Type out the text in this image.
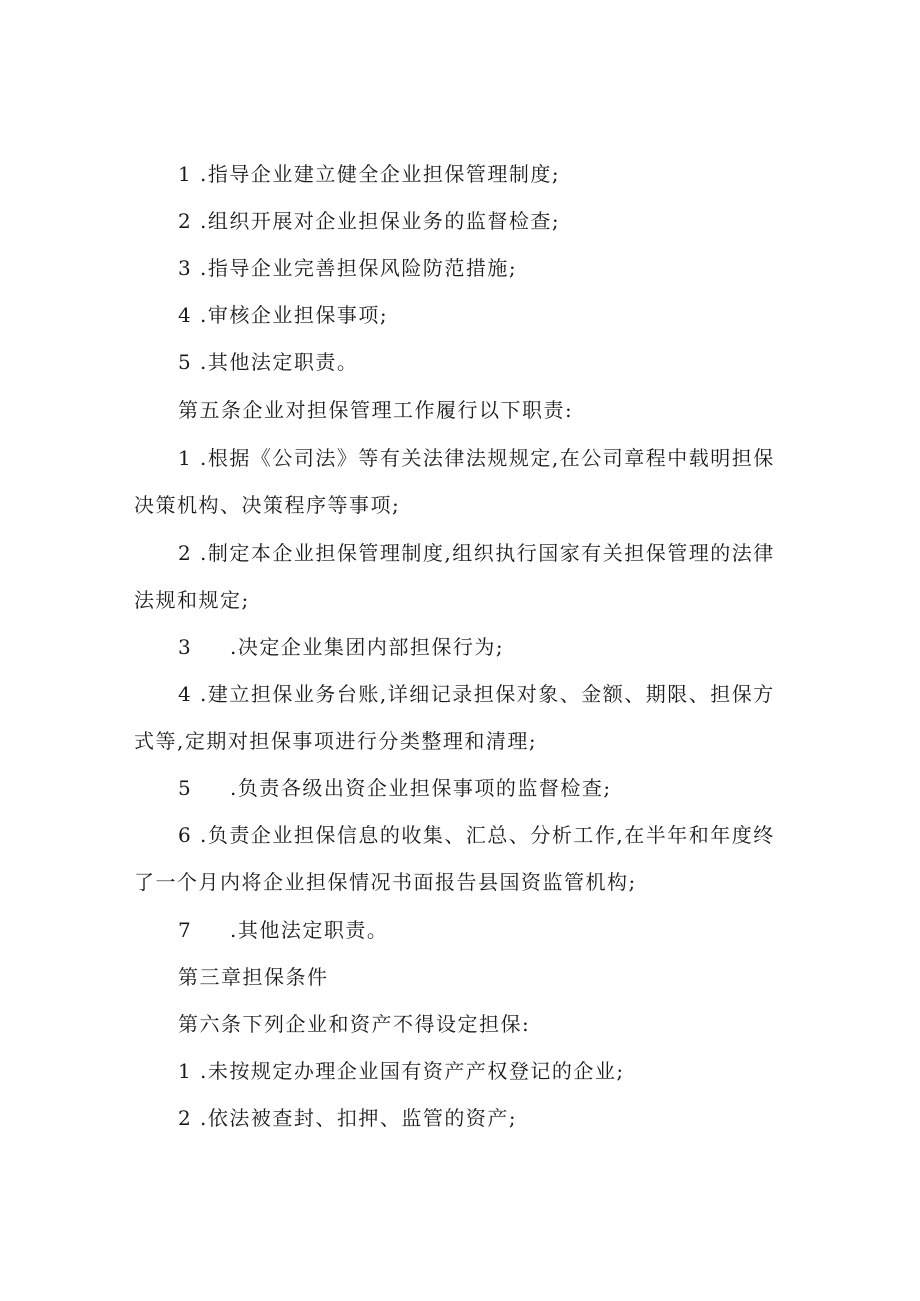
1 .指导企业建立健全企业担保管理制度;
2 .组织开展对企业担保业务的监督检查;
3 .指导企业完善担保风险防范措施;
4 .审核企业担保事项;
5 .其他法定职责。
第五条企业对担保管理工作履行以下职责:
1 .根据《公司法》等有关法律法规规定,在公司章程中载明担保
决策机构、决策程序等事项;
2 .制定本企业担保管理制度,组织执行国家有关担保管理的法律
法规和规定;
3 .决定企业集团内部担保行为;
4 .建立担保业务台账,详细记录担保对象、金额、期限、担保方
式等,定期对担保事项进行分类整理和清理;
5 .负责各级出资企业担保事项的监督检查;
6 .负责企业担保信息的收集、汇总、分析工作,在半年和年度终
了一个月内将企业担保情况书面报告县国资监管机构;
7 .其他法定职责。
第三章担保条件
第六条下列企业和资产不得设定担保:
1 .未按规定办理企业国有资产产权登记的企业;
2 .依法被查封、扣押、监管的资产;
